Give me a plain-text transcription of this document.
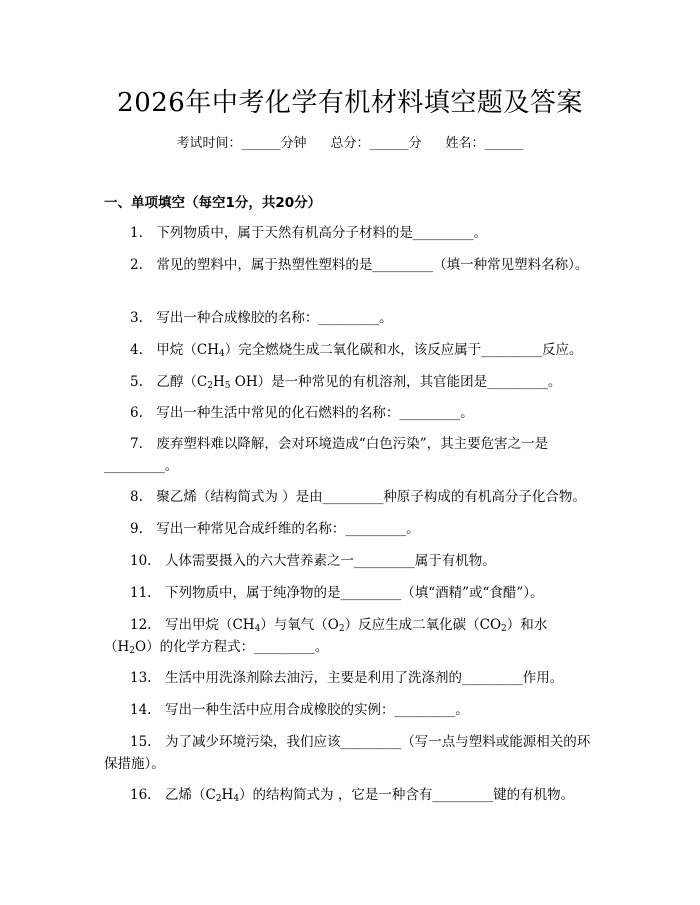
2026年中考化学有机材料填空题及答案
考试时间：______分钟 总分：______分 姓名：______
一、单项填空（每空1分，共20分）
1.　下列物质中，属于天然有机高分子材料的是_________。
2.　常见的塑料中，属于热塑性塑料的是_________（填一种常见塑料名称）。
3.　写出一种合成橡胶的名称：_________。
4.　甲烷$(CH_4)$完全燃烧生成二氧化碳和水，该反应属于_________反应。
5.　乙醇（$C_2H_5$ OH）是一种常见的有机溶剂，其官能团是_________。
6.　写出一种生活中常见的化石燃料的名称：_________。
7.　废弃塑料难以降解，会对环境造成“白色污染”，其主要危害之一是_________。
8.　聚乙烯（结构简式为 ）是由_________种原子构成的有机高分子化合物。
9.　写出一种常见合成纤维的名称：_________。
10.　人体需要摄入的六大营养素之一_________属于有机物。
11.　下列物质中，属于纯净物的是_________（填“酒精”或“食醋”）。
12.　写出甲烷$(CH_4)$与氧气$(O_2)$反应生成二氧化碳$(CO_2)$和水$(H_2O)$的化学方程式：_________。
13.　生活中用洗涤剂除去油污，主要是利用了洗涤剂的_________作用。
14.　写出一种生活中应用合成橡胶的实例：_________。
15.　为了减少环境污染，我们应该_________（写一点与塑料或能源相关的环保措施）。
16.　乙烯$(C_2H_4)$的结构简式为 ，它是一种含有_________键的有机物。
